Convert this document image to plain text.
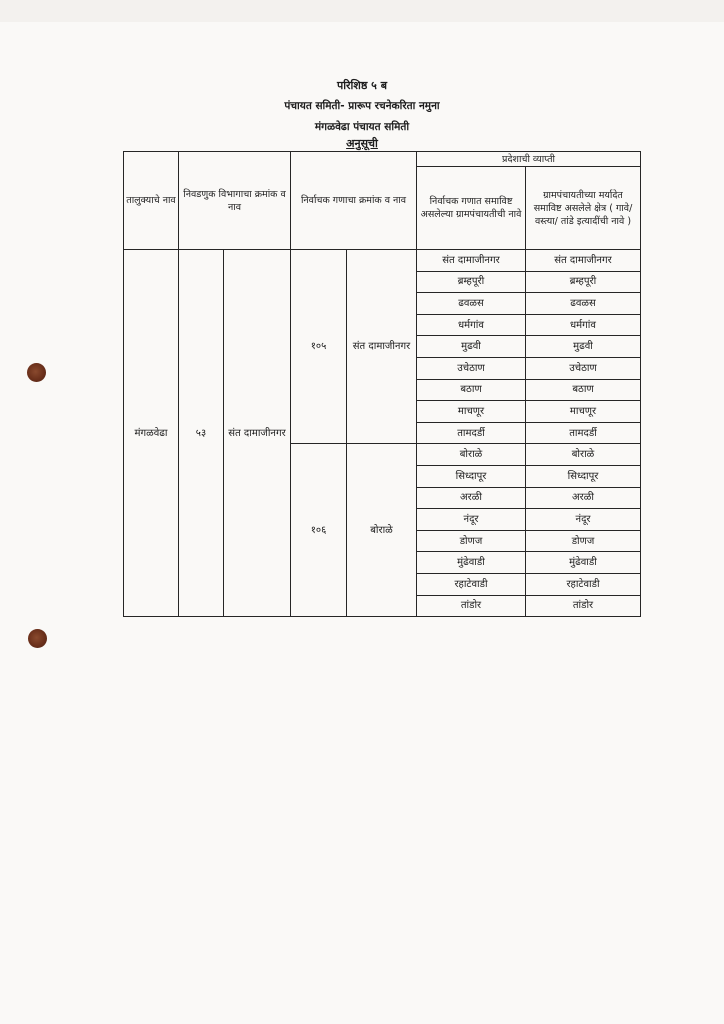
परिशिष्ठ ५ ब
पंचायत समिती- प्रारूप रचनेकरिता नमुना
मंगळवेढा पंचायत समिती
अनुसूची
तालुक्याचे नाव	निवडणुक विभागाचा क्रमांक व नाव		निर्वाचक गणाचा क्रमांक व नाव		प्रदेशाची व्याप्ती	
					निर्वाचक गणात समाविष्ट असलेल्या ग्रामपंचायतीची नावे	ग्रामपंचायतीच्या मर्यादेत समाविष्ट असलेले क्षेत्र ( गावे/वस्त्या/ तांडे इत्यादींची नावे )
मंगळवेढा	५३	संत दामाजीनगर	१०५	संत दामाजीनगर	संत दामाजीनगर	संत दामाजीनगर
					ब्रम्हपूरी	ब्रम्हपूरी
					ढवळस	ढवळस
					धर्मगांव	धर्मगांव
					मुढवी	मुढवी
					उचेठाण	उचेठाण
					बठाण	बठाण
					माचणूर	माचणूर
					तामदर्डी	तामदर्डी
			१०६	बोराळे	बोराळे	बोराळे
					सिध्दापूर	सिध्दापूर
					अरळी	अरळी
					नंदूर	नंदूर
					डोणज	डोणज
					मुंढेवाडी	मुंढेवाडी
					रहाटेवाडी	रहाटेवाडी
					तांडोर	तांडोर
